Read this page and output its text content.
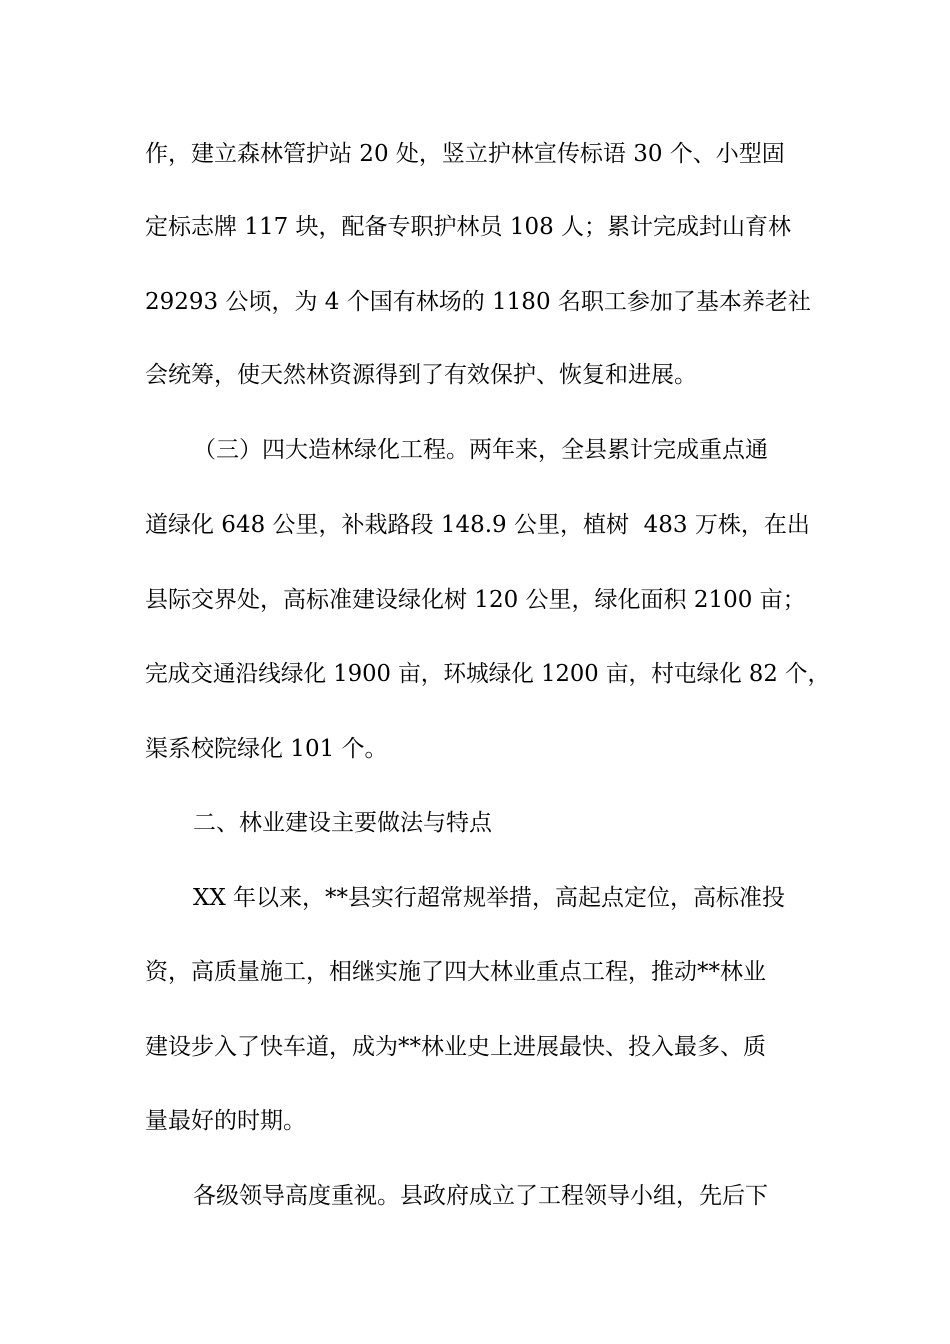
作，建立森林管护站 20 处，竖立护林宣传标语 30 个、小型固
定标志牌 117 块，配备专职护林员 108 人；累计完成封山育林
29293 公顷，为 4 个国有林场的 1180 名职工参加了基本养老社
会统筹，使天然林资源得到了有效保护、恢复和进展。
（三）四大造林绿化工程。两年来，全县累计完成重点通
道绿化 648 公里，补栽路段 148.9 公里，植树  483 万株，在出
县际交界处，高标准建设绿化树 120 公里，绿化面积 2100 亩；
完成交通沿线绿化 1900 亩，环城绿化 1200 亩，村屯绿化 82 个，
渠系校院绿化 101 个。
二、林业建设主要做法与特点
XX 年以来，**县实行超常规举措，高起点定位，高标准投
资，高质量施工，相继实施了四大林业重点工程，推动**林业
建设步入了快车道，成为**林业史上进展最快、投入最多、质
量最好的时期。
各级领导高度重视。县政府成立了工程领导小组，先后下
